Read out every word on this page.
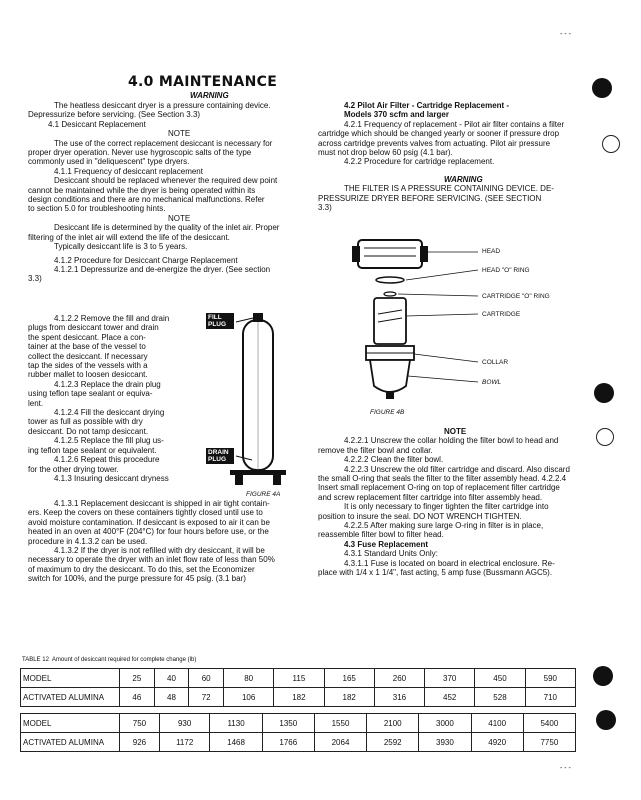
- - -
4.0 MAINTENANCE
WARNING

The heatless desiccant dryer is a pressure containing device.

Depressurize before servicing. (See Section 3.3)

4.1 Desiccant Replacement

NOTE

The use of the correct replacement desiccant is necessary for

proper dryer operation. Never use hygroscopic salts of the type

commonly used in "deliquescent" type dryers.

4.1.1 Frequency of desiccant replacement

Desiccant should be replaced whenever the required dew point

cannot be maintained while the dryer is being operated within its

design conditions and there are no mechanical malfunctions. Refer

to section 5.0 for troubleshooting hints.

NOTE

Desiccant life is determined by the quality of the inlet air. Proper

filtering of the inlet air will extend the life of the desiccant.

Typically desiccant life is 3 to 5 years.

4.1.2 Procedure for Desiccant Charge Replacement

4.1.2.1 Depressurize and de-energize the dryer. (See section

3.3)

4.1.2.2 Remove the fill and drain

plugs from desiccant tower and drain

the spent desiccant. Place a con-

tainer at the base of the vessel to

collect the desiccant. If necessary

tap the sides of the vessels with a

rubber mallet to loosen desiccant.

4.1.2.3 Replace the drain plug

using teflon tape sealant or equiva-

lent.

4.1.2.4 Fill the desiccant drying

tower as full as possible with dry

desiccant. Do not tamp desiccant.

4.1.2.5 Replace the fill plug us-

ing teflon tape sealant or equivalent.

4.1.2.6 Repeat this procedure

for the other drying tower.

4.1.3 Insuring desiccant dryness

FILL PLUG
DRAIN PLUG
FIGURE 4A

4.1.3.1 Replacement desiccant is shipped in air tight contain-

ers. Keep the covers on these containers tightly closed until use to

avoid moisture contamination. If desiccant is exposed to air it can be

heated in an oven at 400°F (204°C) for four hours before use, or the

procedure in 4.1.3.2 can be used.

4.1.3.2 If the dryer is not refilled with dry desiccant, it will be

necessary to operate the dryer with an inlet flow rate of less than 50%

of maximum to dry the desiccant. To do this, set the Economizer

switch for 100%, and the purge pressure for 45 psig. (3.1 bar)

4.2 Pilot Air Filter - Cartridge Replacement -

Models 370 scfm and larger

4.2.1 Frequency of replacement - Pilot air filter contains a filter

cartridge which should be changed yearly or sooner if pressure drop

across cartridge prevents valves from actuating. Pilot air pressure

must not drop below 60 psig (4.1 bar).

4.2.2 Procedure for cartridge replacement.

WARNING

THE FILTER IS A PRESSURE CONTAINING DEVICE. DE-

PRESSURIZE DRYER BEFORE SERVICING. (SEE SECTION

3.3)

HEAD
HEAD "O" RING
CARTRIDGE "O" RING
CARTRIDGE
COLLAR
BOWL
FIGURE 4B

NOTE

4.2.2.1 Unscrew the collar holding the filter bowl to head and

remove the filter bowl and collar.

4.2.2.2 Clean the filter bowl.

4.2.2.3 Unscrew the old filter cartridge and discard. Also discard

the small O-ring that seals the filter to the filter assembly head. 4.2.2.4

Insert small replacement O-ring on top of replacement filter cartridge

and screw replacement filter cartridge into filter assembly head.

It is only necessary to finger tighten the filter cartridge into

position to insure the seal. DO NOT WRENCH TIGHTEN.

4.2.2.5 After making sure large O-ring in filter is in place,

reassemble filter bowl to filter head.

4.3 Fuse Replacement

4.3.1 Standard Units Only:

4.3.1.1 Fuse is located on board in electrical enclosure. Re-

place with 1/4 x 1 1/4", fast acting, 5 amp fuse (Bussmann AGC5).

TABLE 12  Amount of desiccant required for complete change (lb)
MODEL	25	40	60	80	115	165	260	370	450	590
ACTIVATED ALUMINA	46	48	72	106	182	182	316	452	528	710
MODEL	750	930	1130	1350	1550	2100	3000	4100	5400
ACTIVATED ALUMINA	926	1172	1468	1766	2064	2592	3930	4920	7750
- - -
